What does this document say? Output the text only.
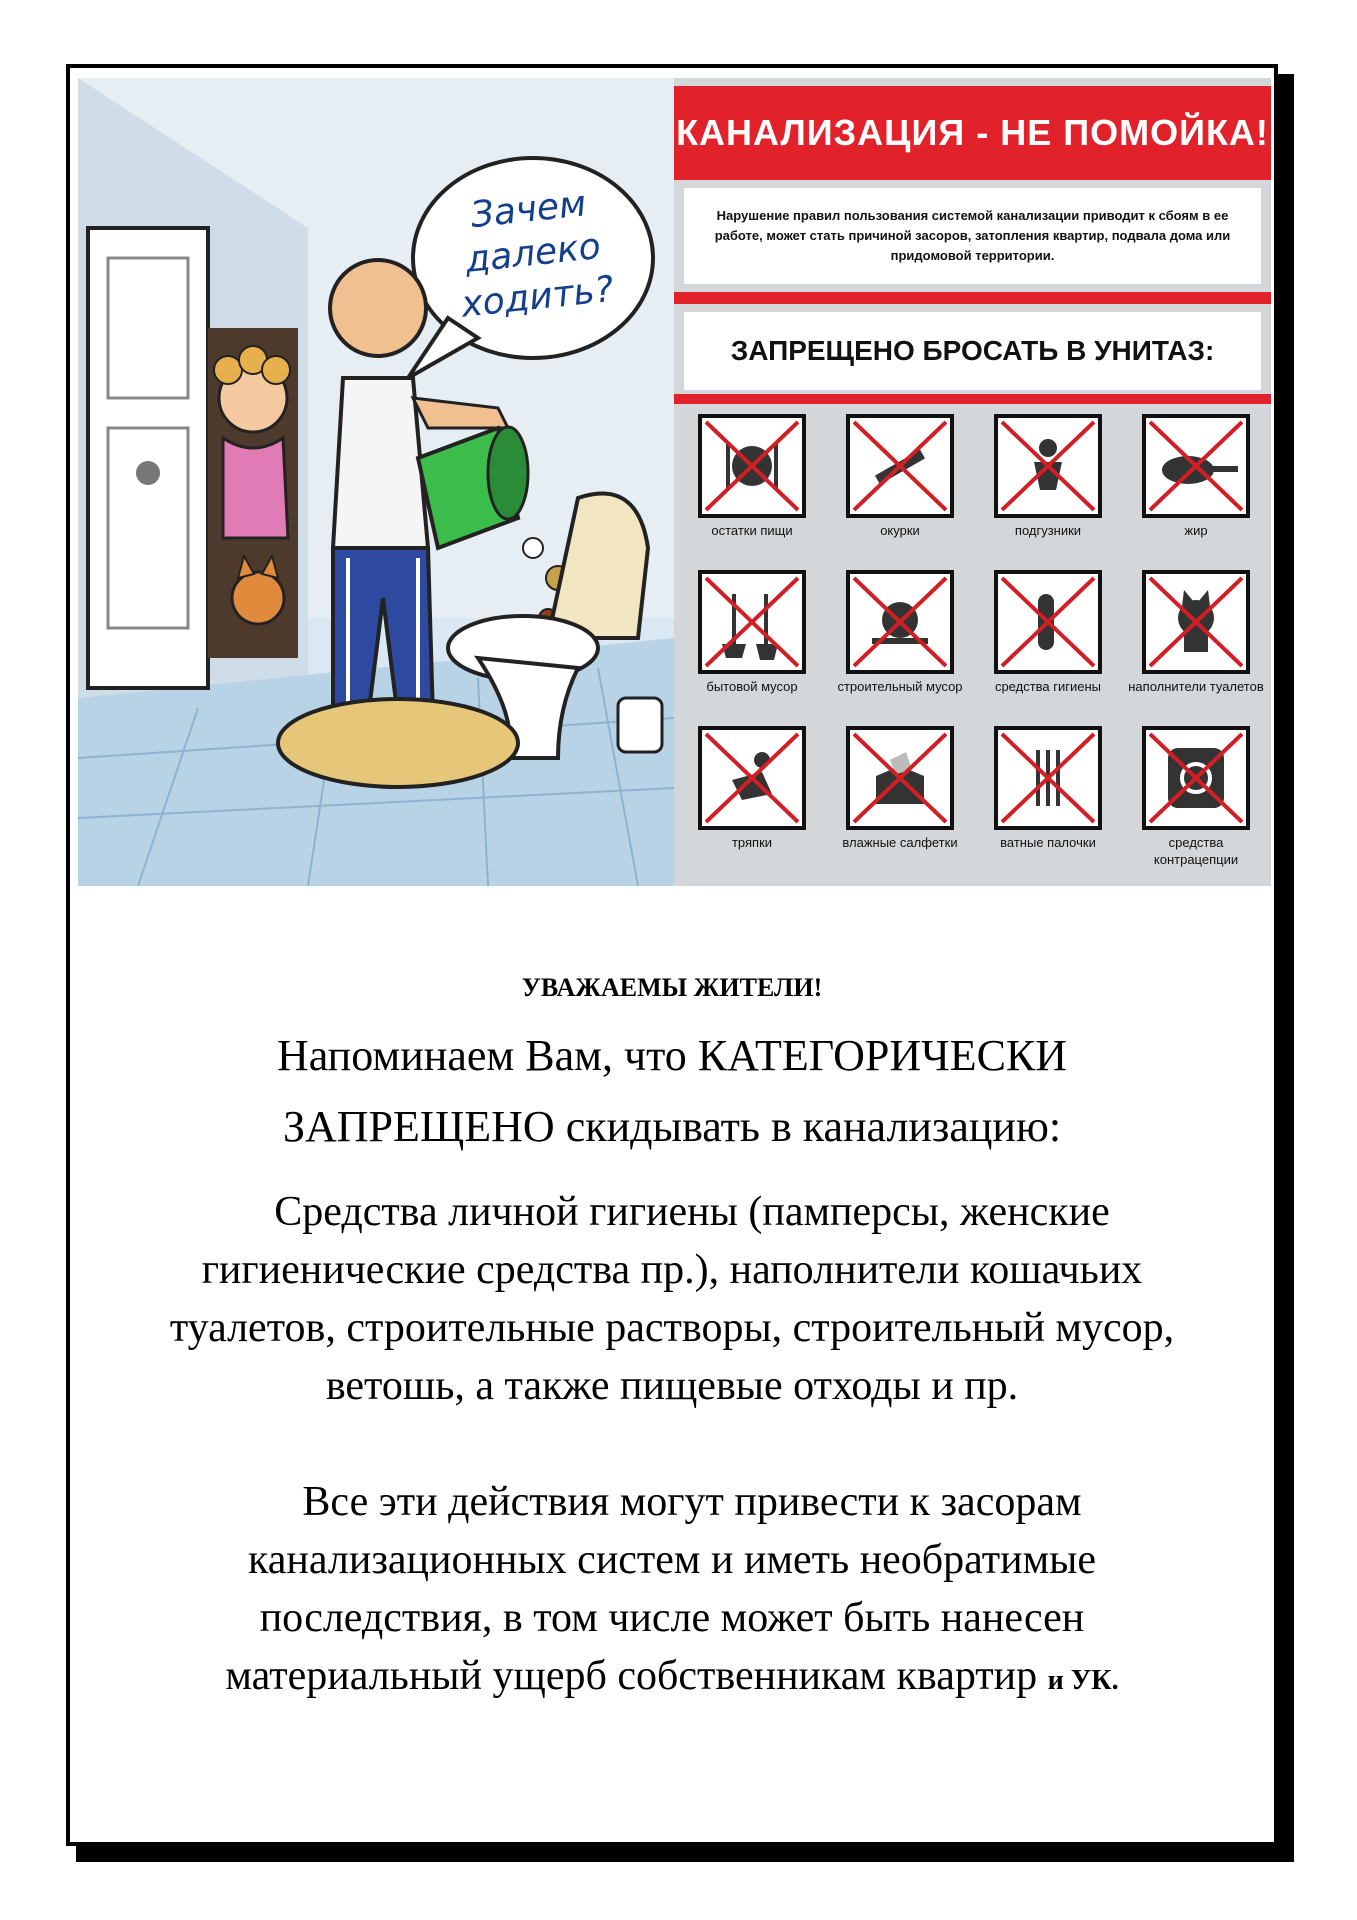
Зачем
далеко
ходить?
КАНАЛИЗАЦИЯ - НЕ ПОМОЙКА!
Нарушение правил пользования системой канализации приводит к сбоям в ее работе, может стать причиной засоров, затопления квартир, подвала дома или придомовой территории.
ЗАПРЕЩЕНО БРОСАТЬ В УНИТАЗ:
остатки пищи	окурки	подгузники	жир
бытовой мусор	строительный мусор	средства гигиены	наполнители туалетов
тряпки	влажные салфетки	ватные палочки	средства контрацепции
УВАЖАЕМЫ ЖИТЕЛИ!
Напоминаем Вам, что КАТЕГОРИЧЕСКИ
ЗАПРЕЩЕНО скидывать в канализацию:
Средства личной гигиены (памперсы, женские
гигиенические средства пр.), наполнители кошачьих
туалетов, строительные растворы, строительный мусор,
ветошь, а также пищевые отходы и пр.
Все эти действия могут привести к засорам
канализационных систем и иметь необратимые
последствия, в том числе может быть нанесен
материальный ущерб собственникам квартир и УК.
